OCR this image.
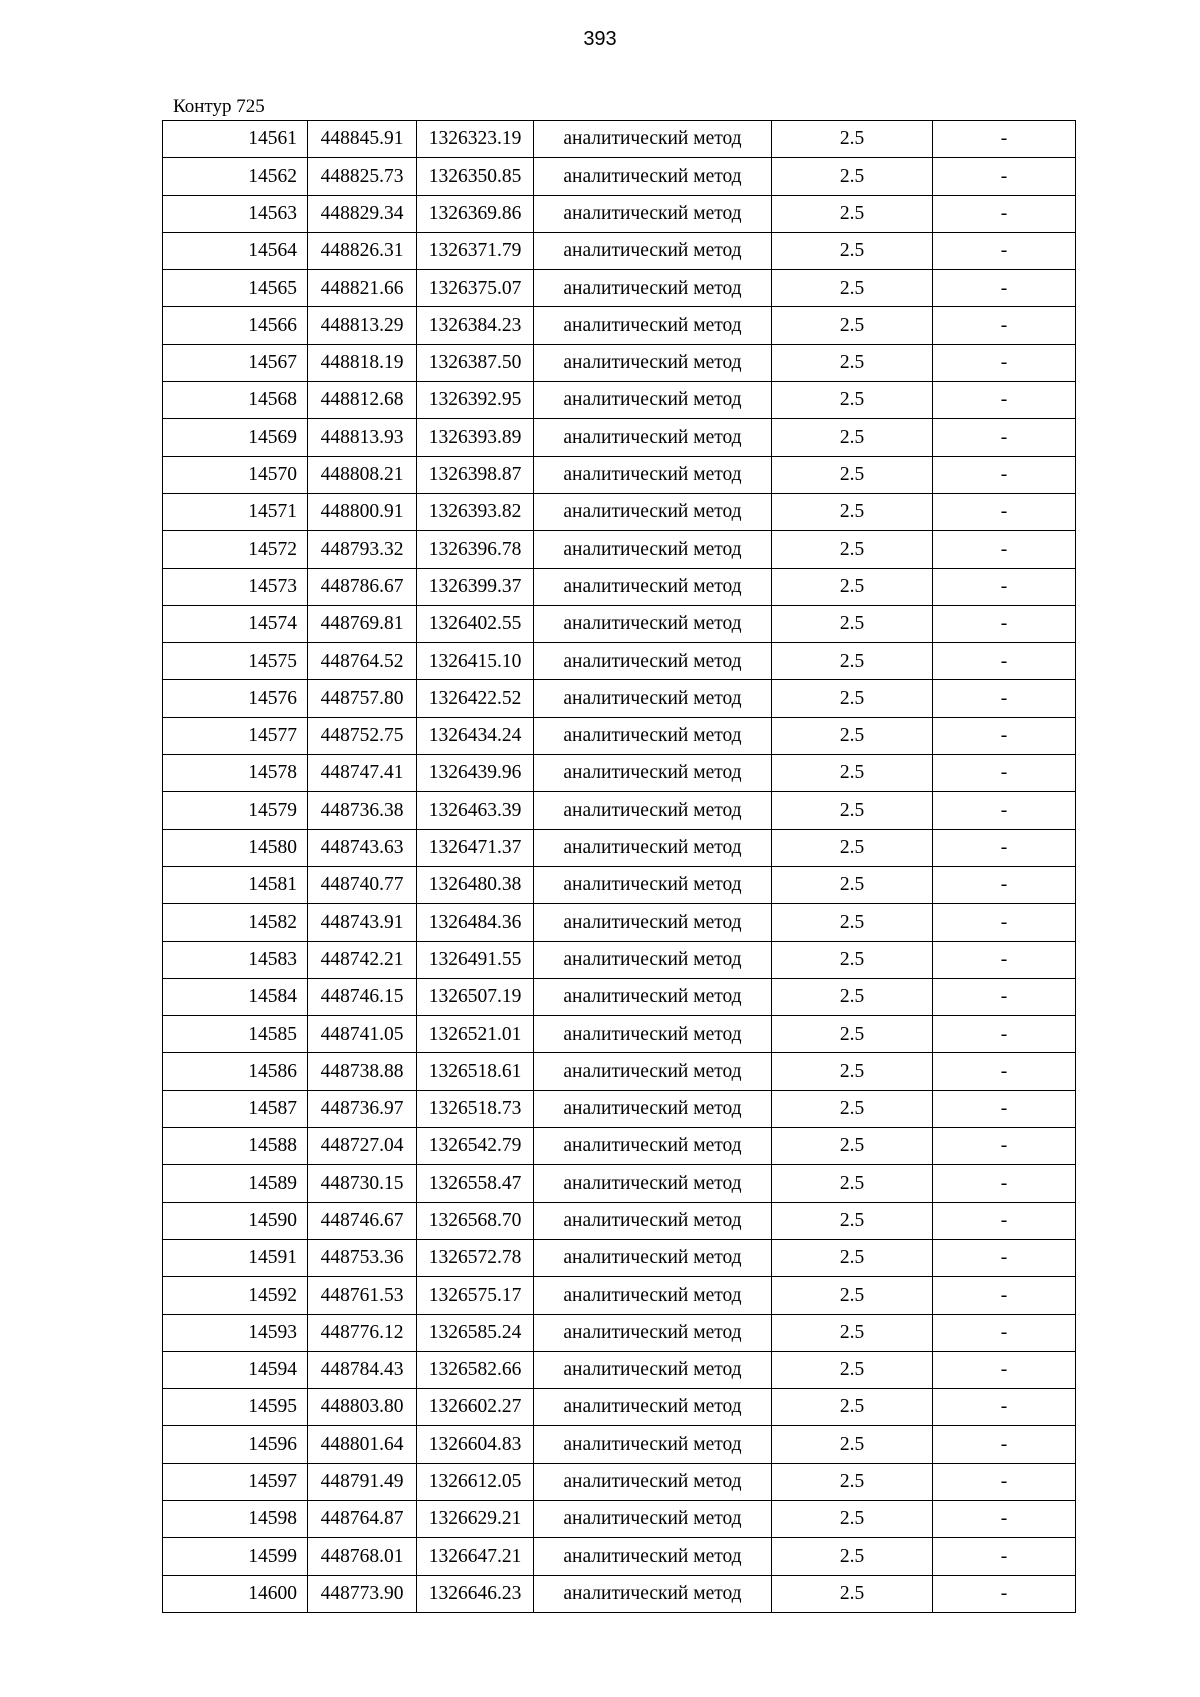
393
Контур 725
14561	448845.91	1326323.19	аналитический метод	2.5	-
14562	448825.73	1326350.85	аналитический метод	2.5	-
14563	448829.34	1326369.86	аналитический метод	2.5	-
14564	448826.31	1326371.79	аналитический метод	2.5	-
14565	448821.66	1326375.07	аналитический метод	2.5	-
14566	448813.29	1326384.23	аналитический метод	2.5	-
14567	448818.19	1326387.50	аналитический метод	2.5	-
14568	448812.68	1326392.95	аналитический метод	2.5	-
14569	448813.93	1326393.89	аналитический метод	2.5	-
14570	448808.21	1326398.87	аналитический метод	2.5	-
14571	448800.91	1326393.82	аналитический метод	2.5	-
14572	448793.32	1326396.78	аналитический метод	2.5	-
14573	448786.67	1326399.37	аналитический метод	2.5	-
14574	448769.81	1326402.55	аналитический метод	2.5	-
14575	448764.52	1326415.10	аналитический метод	2.5	-
14576	448757.80	1326422.52	аналитический метод	2.5	-
14577	448752.75	1326434.24	аналитический метод	2.5	-
14578	448747.41	1326439.96	аналитический метод	2.5	-
14579	448736.38	1326463.39	аналитический метод	2.5	-
14580	448743.63	1326471.37	аналитический метод	2.5	-
14581	448740.77	1326480.38	аналитический метод	2.5	-
14582	448743.91	1326484.36	аналитический метод	2.5	-
14583	448742.21	1326491.55	аналитический метод	2.5	-
14584	448746.15	1326507.19	аналитический метод	2.5	-
14585	448741.05	1326521.01	аналитический метод	2.5	-
14586	448738.88	1326518.61	аналитический метод	2.5	-
14587	448736.97	1326518.73	аналитический метод	2.5	-
14588	448727.04	1326542.79	аналитический метод	2.5	-
14589	448730.15	1326558.47	аналитический метод	2.5	-
14590	448746.67	1326568.70	аналитический метод	2.5	-
14591	448753.36	1326572.78	аналитический метод	2.5	-
14592	448761.53	1326575.17	аналитический метод	2.5	-
14593	448776.12	1326585.24	аналитический метод	2.5	-
14594	448784.43	1326582.66	аналитический метод	2.5	-
14595	448803.80	1326602.27	аналитический метод	2.5	-
14596	448801.64	1326604.83	аналитический метод	2.5	-
14597	448791.49	1326612.05	аналитический метод	2.5	-
14598	448764.87	1326629.21	аналитический метод	2.5	-
14599	448768.01	1326647.21	аналитический метод	2.5	-
14600	448773.90	1326646.23	аналитический метод	2.5	-
